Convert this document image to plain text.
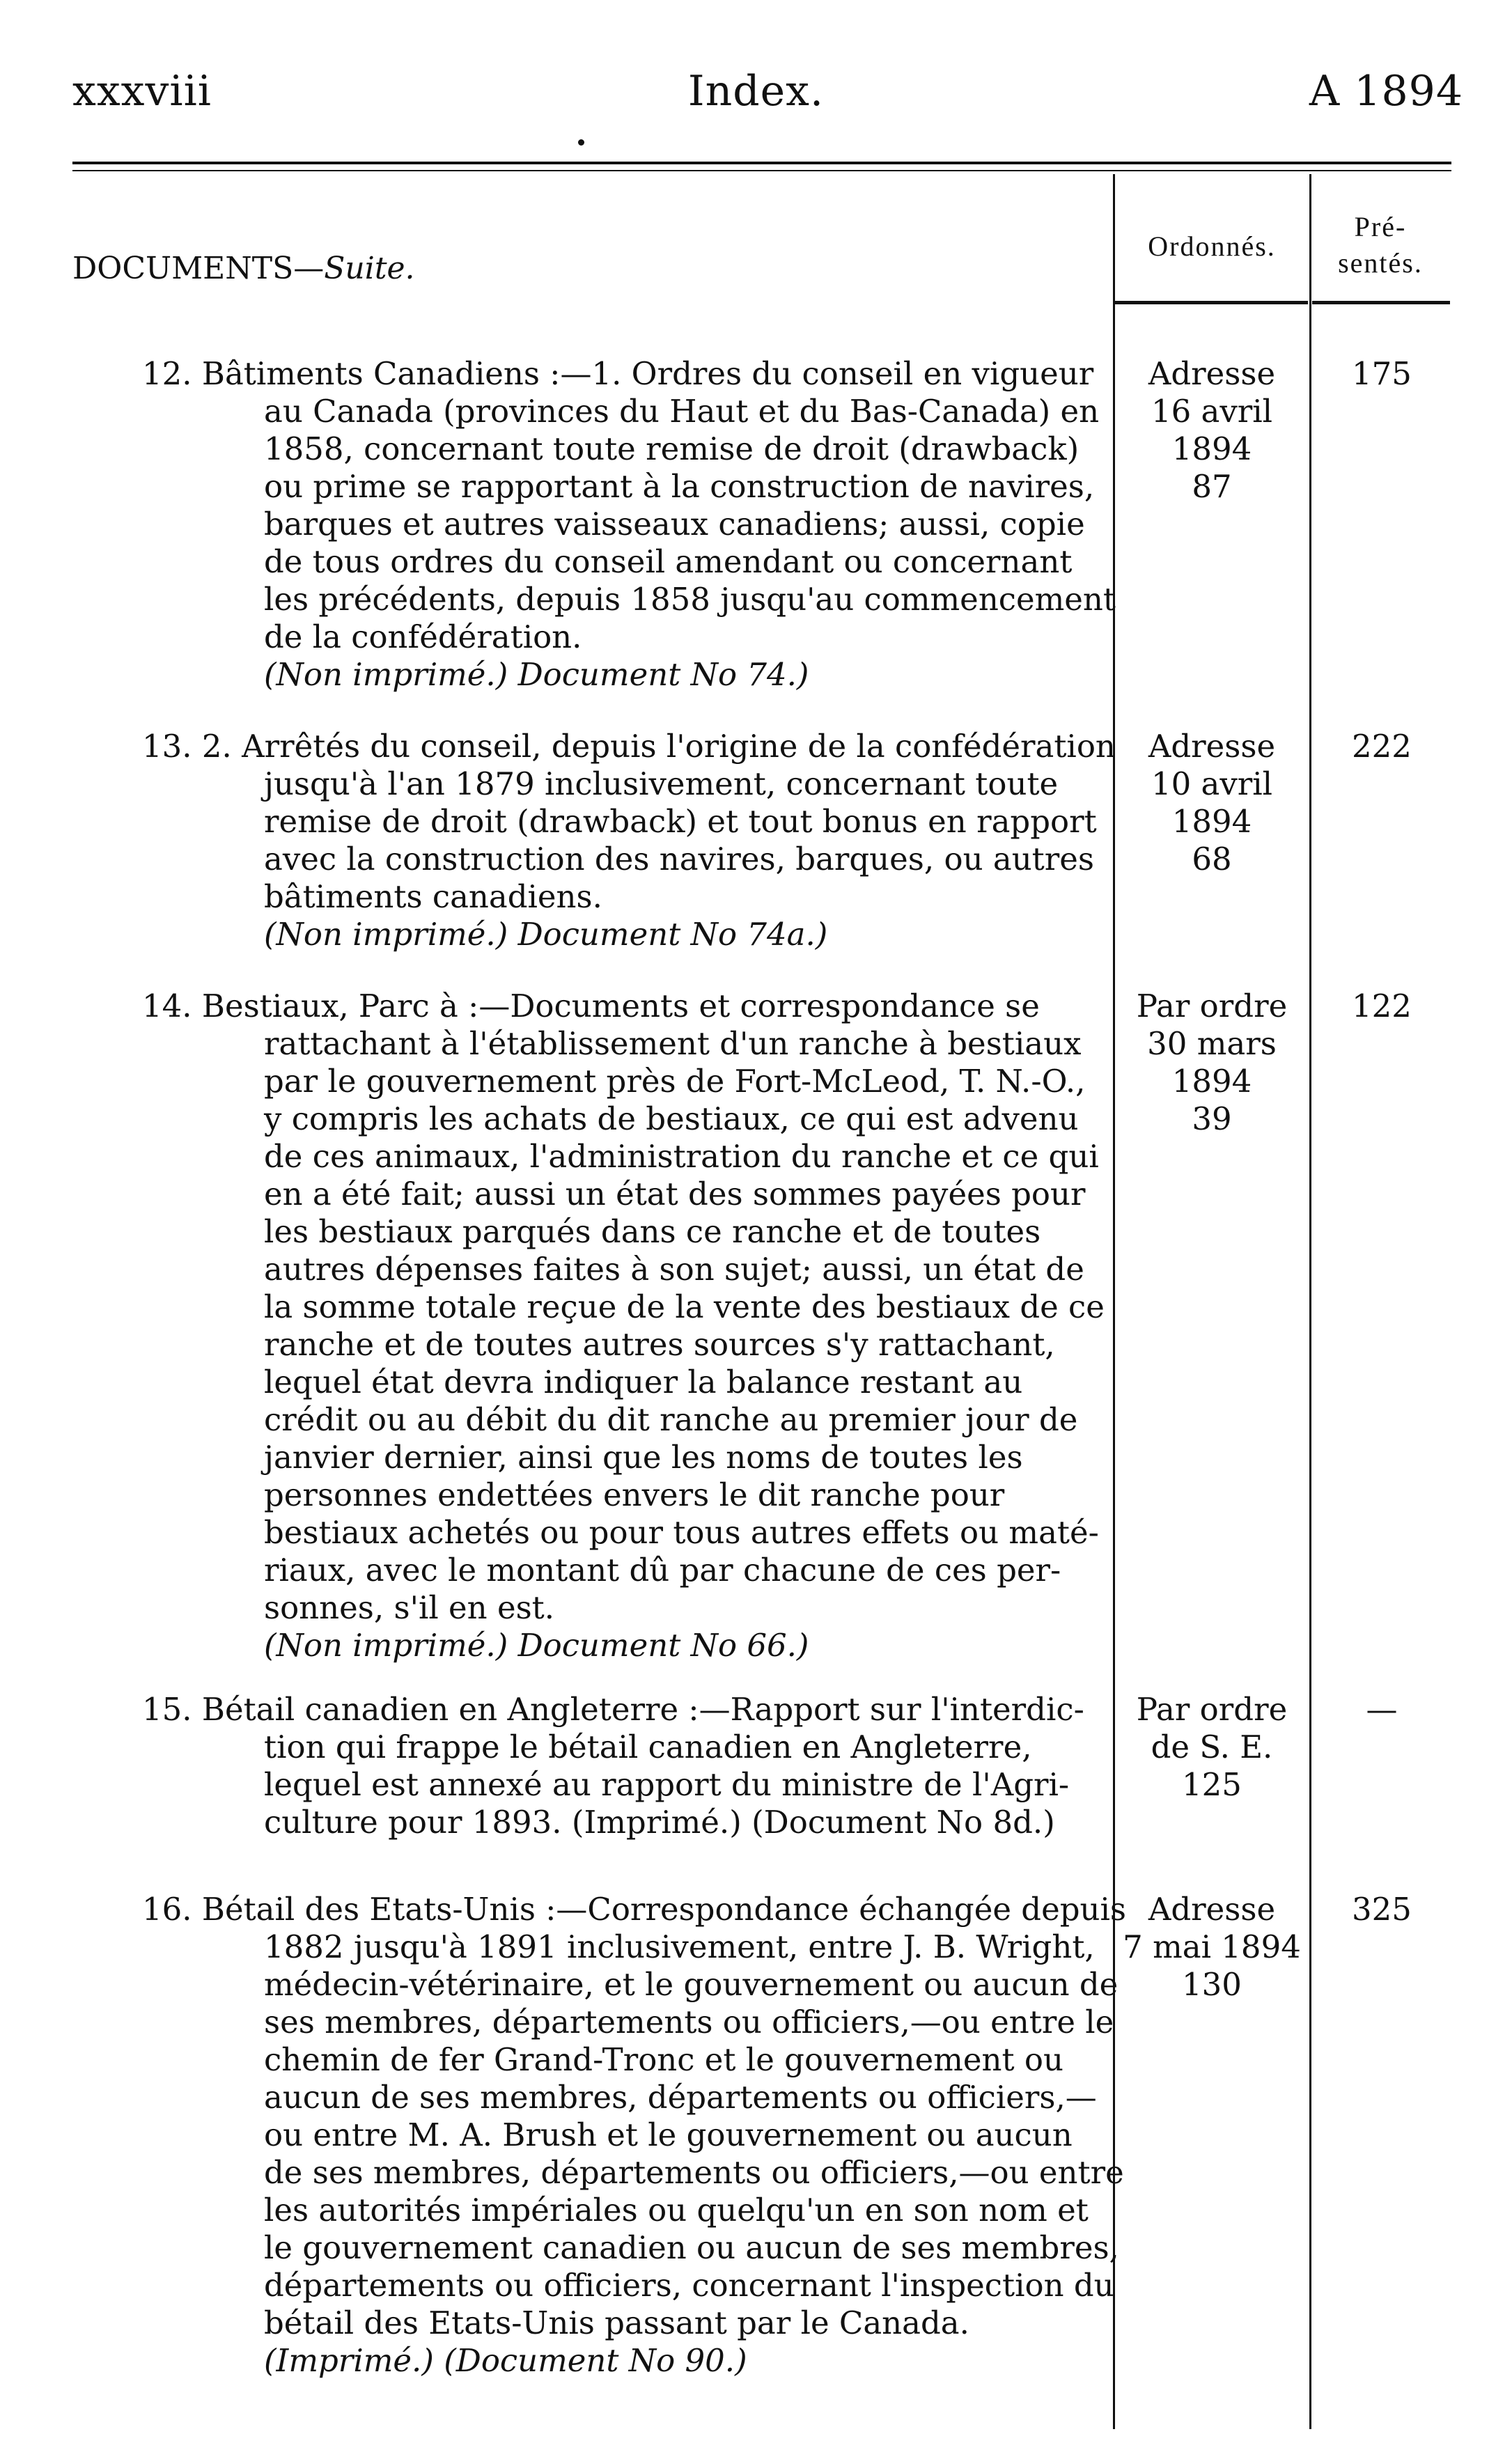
xxxviii	Index.	A 1894
Ordonnés.
Pré-
sentés.
DOCUMENTS—Suite.
12. Bâtiments Canadiens :—1. Ordres du conseil en vigueur
au Canada (provinces du Haut et du Bas-Canada) en
1858, concernant toute remise de droit (drawback)
ou prime se rapportant à la construction de navires,
barques et autres vaisseaux canadiens; aussi, copie
de tous ordres du conseil amendant ou concernant
les précédents, depuis 1858 jusqu'au commencement
de la confédération.
(Non imprimé.) Document No 74.)
Adresse
16 avril
1894
87
175
13. 2. Arrêtés du conseil, depuis l'origine de la confédération
jusqu'à l'an 1879 inclusivement, concernant toute
remise de droit (drawback) et tout bonus en rapport
avec la construction des navires, barques, ou autres
bâtiments canadiens.
(Non imprimé.) Document No 74a.)
Adresse
10 avril
1894
68
222
14. Bestiaux, Parc à :—Documents et correspondance se
rattachant à l'établissement d'un ranche à bestiaux
par le gouvernement près de Fort-McLeod, T. N.-O.,
y compris les achats de bestiaux, ce qui est advenu
de ces animaux, l'administration du ranche et ce qui
en a été fait; aussi un état des sommes payées pour
les bestiaux parqués dans ce ranche et de toutes
autres dépenses faites à son sujet; aussi, un état de
la somme totale reçue de la vente des bestiaux de ce
ranche et de toutes autres sources s'y rattachant,
lequel état devra indiquer la balance restant au
crédit ou au débit du dit ranche au premier jour de
janvier dernier, ainsi que les noms de toutes les
personnes endettées envers le dit ranche pour
bestiaux achetés ou pour tous autres effets ou maté-
riaux, avec le montant dû par chacune de ces per-
sonnes, s'il en est.
(Non imprimé.) Document No 66.)
Par ordre
30 mars
1894
39
122
15. Bétail canadien en Angleterre :—Rapport sur l'interdic-
tion qui frappe le bétail canadien en Angleterre,
lequel est annexé au rapport du ministre de l'Agri-
culture pour 1893. (Imprimé.) (Document No 8d.)
Par ordre
de S. E.
125
—
16. Bétail des Etats-Unis :—Correspondance échangée depuis
1882 jusqu'à 1891 inclusivement, entre J. B. Wright,
médecin-vétérinaire, et le gouvernement ou aucun de
ses membres, départements ou officiers,—ou entre le
chemin de fer Grand-Tronc et le gouvernement ou
aucun de ses membres, départements ou officiers,—
ou entre M. A. Brush et le gouvernement ou aucun
de ses membres, départements ou officiers,—ou entre
les autorités impériales ou quelqu'un en son nom et
le gouvernement canadien ou aucun de ses membres,
départements ou officiers, concernant l'inspection du
bétail des Etats-Unis passant par le Canada.
(Imprimé.) (Document No 90.)
Adresse
7 mai 1894
130
325
